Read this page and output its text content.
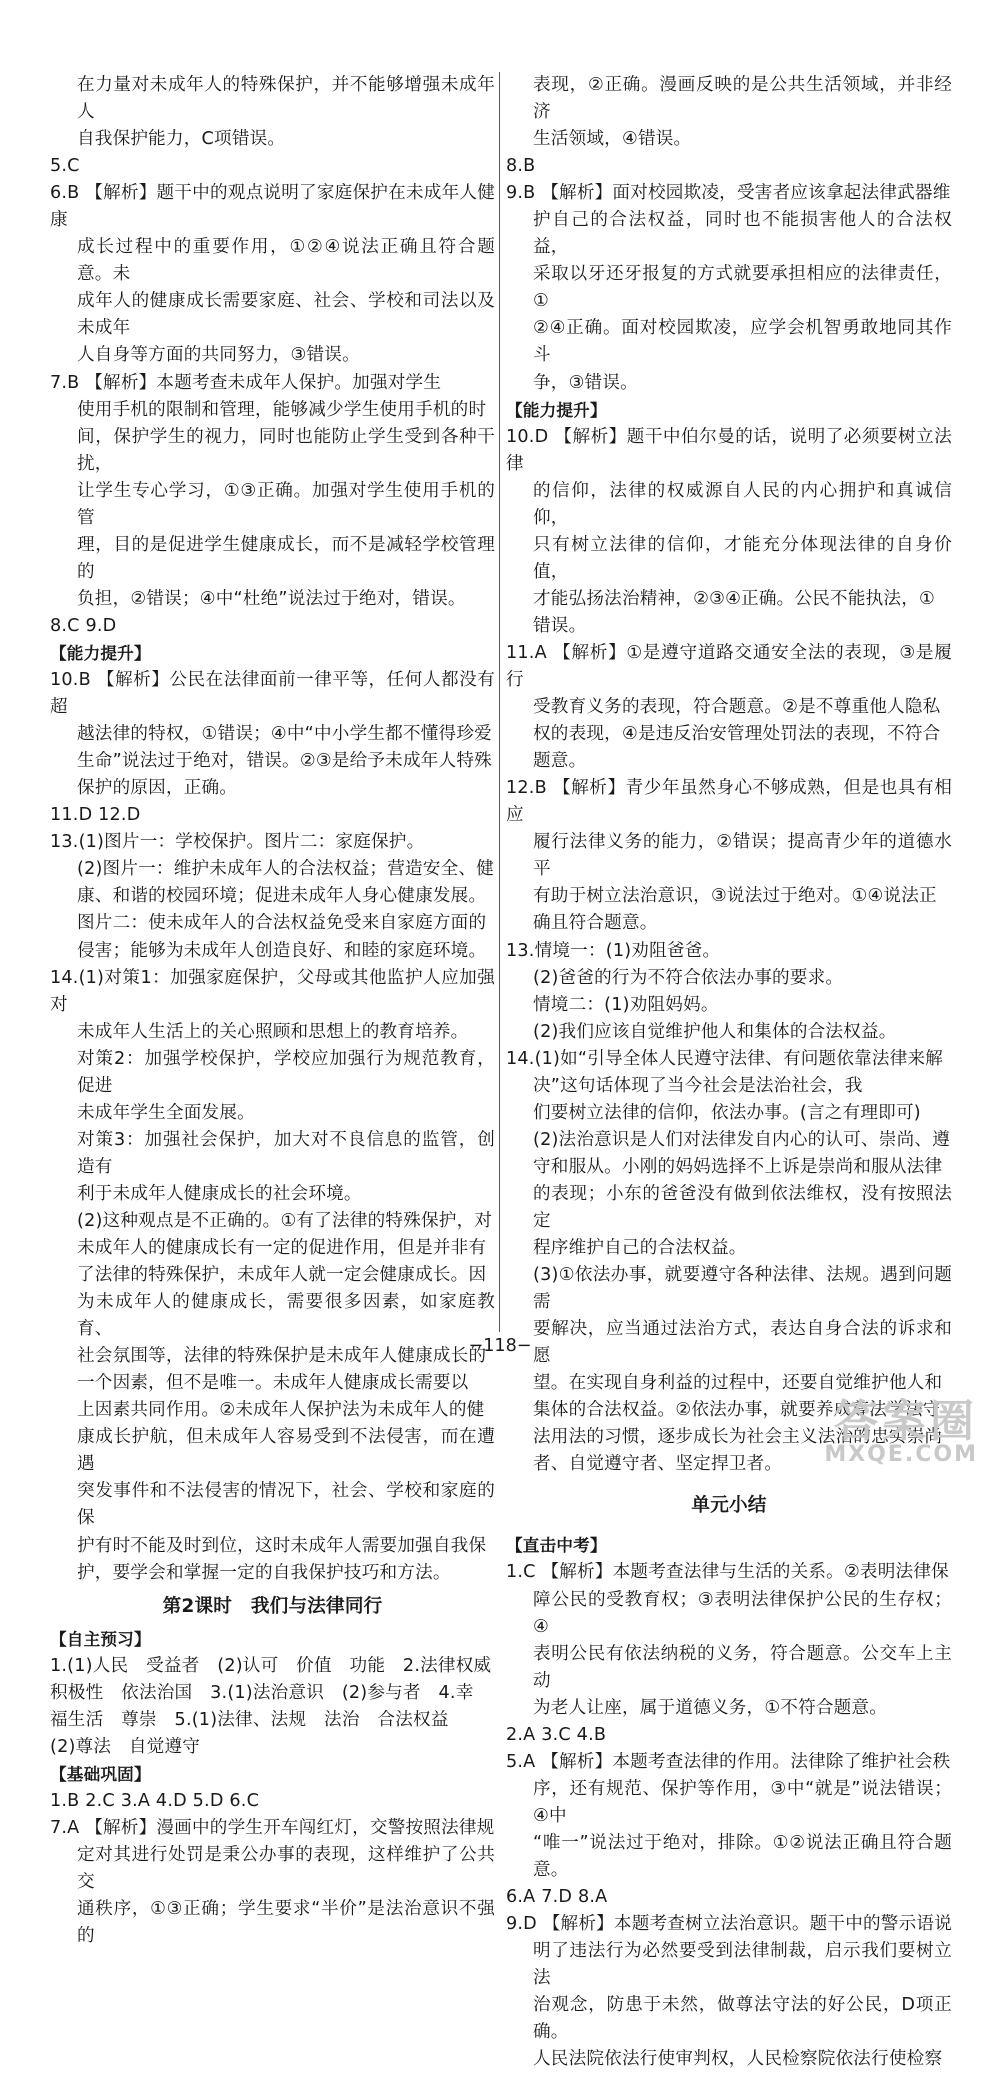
在力量对未成年人的特殊保护，并不能够增强未成年人
自我保护能力，C项错误。
5.C
6.B 【解析】题干中的观点说明了家庭保护在未成年人健康
成长过程中的重要作用，①②④说法正确且符合题意。未
成年人的健康成长需要家庭、社会、学校和司法以及未成年
人自身等方面的共同努力，③错误。
7.B 【解析】本题考查未成年人保护。加强对学生
使用手机的限制和管理，能够减少学生使用手机的时
间，保护学生的视力，同时也能防止学生受到各种干扰，
让学生专心学习，①③正确。加强对学生使用手机的管
理，目的是促进学生健康成长，而不是减轻学校管理的
负担，②错误；④中“杜绝”说法过于绝对，错误。
8.C 9.D
【能力提升】
10.B 【解析】公民在法律面前一律平等，任何人都没有超
越法律的特权，①错误；④中“中小学生都不懂得珍爱
生命”说法过于绝对，错误。②③是给予未成年人特殊
保护的原因，正确。
11.D 12.D
13.(1)图片一：学校保护。图片二：家庭保护。
(2)图片一：维护未成年人的合法权益；营造安全、健
康、和谐的校园环境；促进未成年人身心健康发展。
图片二：使未成年人的合法权益免受来自家庭方面的
侵害；能够为未成年人创造良好、和睦的家庭环境。
14.(1)对策1：加强家庭保护，父母或其他监护人应加强对
未成年人生活上的关心照顾和思想上的教育培养。
对策2：加强学校保护，学校应加强行为规范教育，促进
未成年学生全面发展。
对策3：加强社会保护，加大对不良信息的监管，创造有
利于未成年人健康成长的社会环境。
(2)这种观点是不正确的。①有了法律的特殊保护，对
未成年人的健康成长有一定的促进作用，但是并非有
了法律的特殊保护，未成年人就一定会健康成长。因
为未成年人的健康成长，需要很多因素，如家庭教育、
社会氛围等，法律的特殊保护是未成年人健康成长的
一个因素，但不是唯一。未成年人健康成长需要以
上因素共同作用。②未成年人保护法为未成年人的健
康成长护航，但未成年人容易受到不法侵害，而在遭遇
突发事件和不法侵害的情况下，社会、学校和家庭的保
护有时不能及时到位，这时未成年人需要加强自我保
护，要学会和掌握一定的自我保护技巧和方法。
第2课时　我们与法律同行
【自主预习】
1.(1)人民　受益者　(2)认可　价值　功能　2.法律权威
积极性　依法治国　3.(1)法治意识　(2)参与者　4.幸
福生活　尊崇　5.(1)法律、法规　法治　合法权益
(2)尊法　自觉遵守
【基础巩固】
1.B 2.C 3.A 4.D 5.D 6.C
7.A 【解析】漫画中的学生开车闯红灯，交警按照法律规
定对其进行处罚是秉公办事的表现，这样维护了公共交
通秩序，①③正确；学生要求“半价”是法治意识不强的
表现，②正确。漫画反映的是公共生活领域，并非经济
生活领域，④错误。
8.B
9.B 【解析】面对校园欺凌，受害者应该拿起法律武器维
护自己的合法权益，同时也不能损害他人的合法权益，
采取以牙还牙报复的方式就要承担相应的法律责任，①
②④正确。面对校园欺凌，应学会机智勇敢地同其作斗
争，③错误。
【能力提升】
10.D 【解析】题干中伯尔曼的话，说明了必须要树立法律
的信仰，法律的权威源自人民的内心拥护和真诚信仰，
只有树立法律的信仰，才能充分体现法律的自身价值，
才能弘扬法治精神，②③④正确。公民不能执法，①
错误。
11.A 【解析】①是遵守道路交通安全法的表现，③是履行
受教育义务的表现，符合题意。②是不尊重他人隐私
权的表现，④是违反治安管理处罚法的表现，不符合
题意。
12.B 【解析】青少年虽然身心不够成熟，但是也具有相应
履行法律义务的能力，②错误；提高青少年的道德水平
有助于树立法治意识，③说法过于绝对。①④说法正
确且符合题意。
13.情境一：(1)劝阻爸爸。
(2)爸爸的行为不符合依法办事的要求。
情境二：(1)劝阻妈妈。
(2)我们应该自觉维护他人和集体的合法权益。
14.(1)如“引导全体人民遵守法律、有问题依靠法律来解
决”这句话体现了当今社会是法治社会，我
们要树立法律的信仰，依法办事。(言之有理即可)
(2)法治意识是人们对法律发自内心的认可、崇尚、遵
守和服从。小刚的妈妈选择不上诉是崇尚和服从法律
的表现；小东的爸爸没有做到依法维权，没有按照法定
程序维护自己的合法权益。
(3)①依法办事，就要遵守各种法律、法规。遇到问题需
要解决，应当通过法治方式，表达自身合法的诉求和愿
望。在实现自身利益的过程中，还要自觉维护他人和
集体的合法权益。②依法办事，就要养成尊法学法守
法用法的习惯，逐步成长为社会主义法治的忠实崇尚
者、自觉遵守者、坚定捍卫者。
单元小结
【直击中考】
1.C 【解析】本题考查法律与生活的关系。②表明法律保
障公民的受教育权；③表明法律保护公民的生存权；④
表明公民有依法纳税的义务，符合题意。公交车上主动
为老人让座，属于道德义务，①不符合题意。
2.A 3.C 4.B
5.A 【解析】本题考查法律的作用。法律除了维护社会秩
序，还有规范、保护等作用，③中“就是”说法错误；④中
“唯一”说法过于绝对，排除。①②说法正确且符合题意。
6.A 7.D 8.A
9.D 【解析】本题考查树立法治意识。题干中的警示语说
明了违法行为必然要受到法律制裁，启示我们要树立法
治观念，防患于未然，做尊法守法的好公民，D项正确。
人民法院依法行使审判权，人民检察院依法行使检察
−118−
答案圈
MXQE.COM
